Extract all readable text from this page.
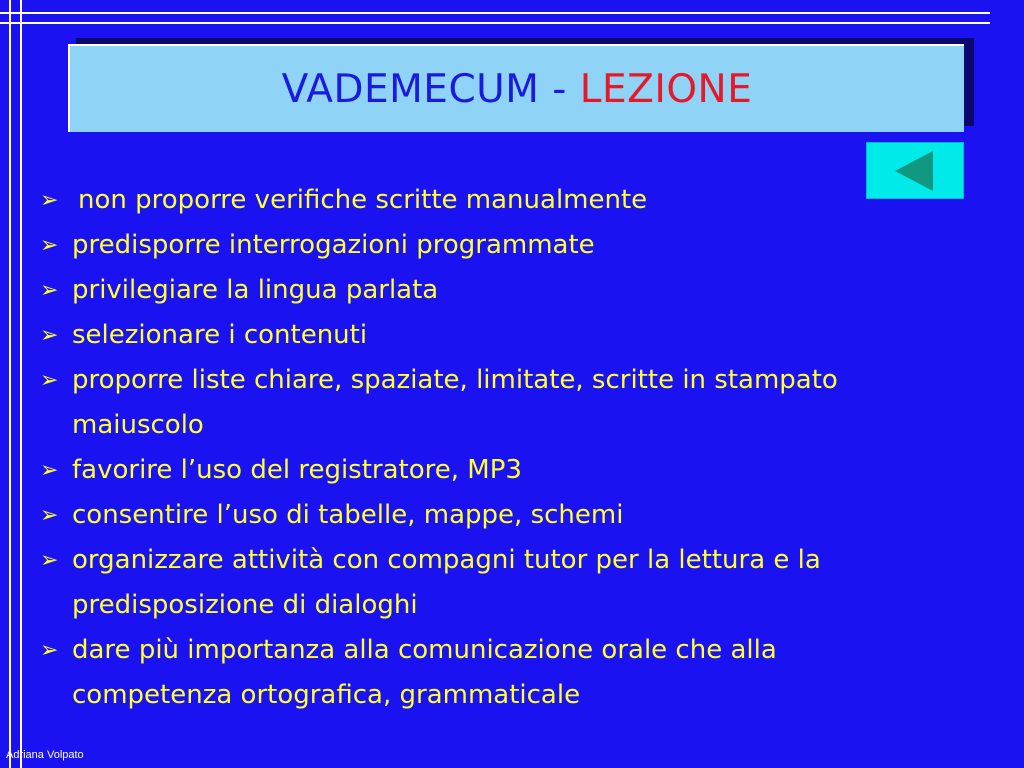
VADEMECUM - LEZIONE
➢ non proporre verifiche scritte manualmente
➢ predisporre interrogazioni programmate
➢ privilegiare la lingua parlata
➢ selezionare i contenuti
➢ proporre liste chiare, spaziate, limitate, scritte in stampato maiuscolo
➢ favorire l’uso del registratore, MP3
➢ consentire l’uso di tabelle, mappe, schemi
➢ organizzare attività con compagni tutor per la lettura e la predisposizione di dialoghi
➢ dare più importanza alla comunicazione orale che alla competenza ortografica, grammaticale
Adriana Volpato
